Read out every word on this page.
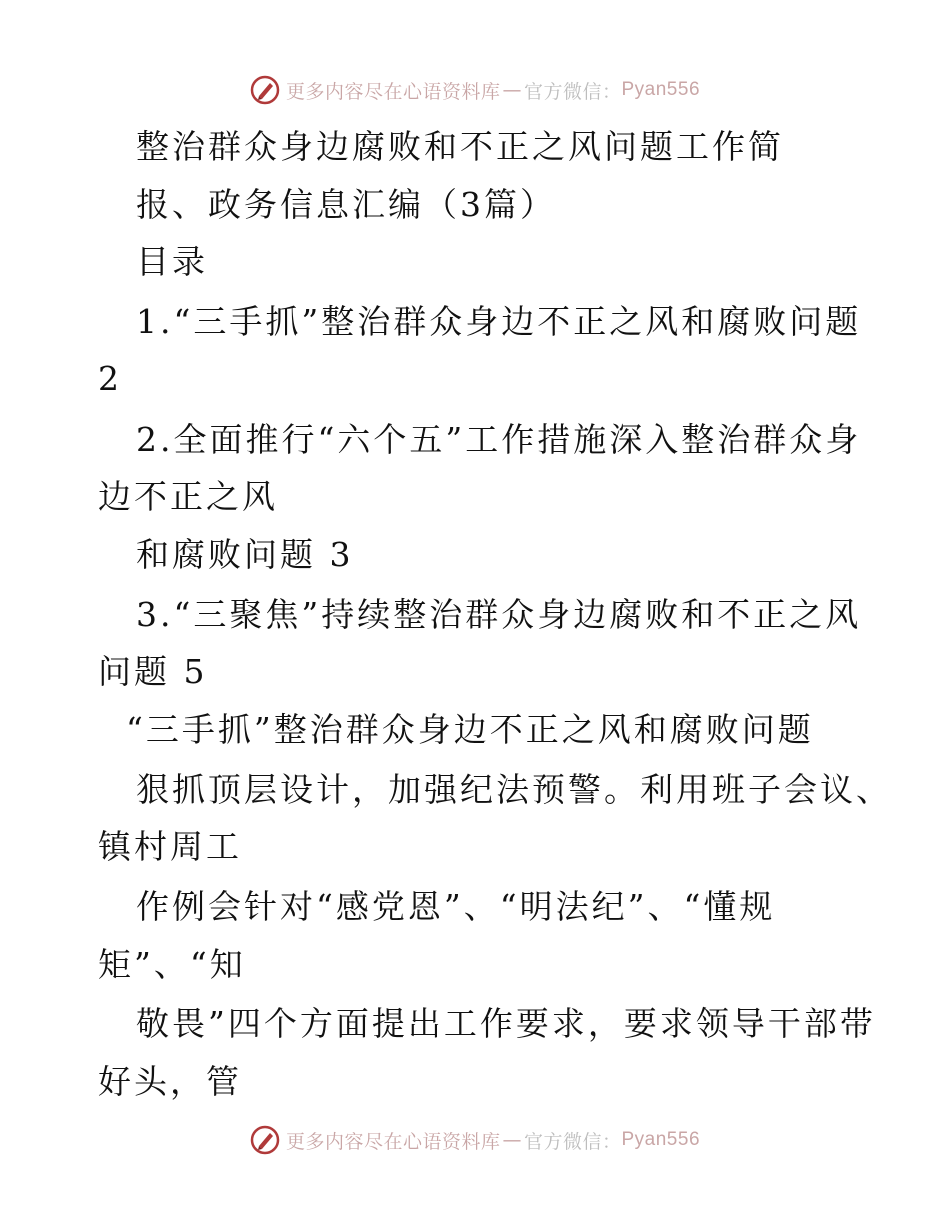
更多内容尽在心语资料库 — 官方微信： Pyan556
整治群众身边腐败和不正之风问题工作简
报、政务信息汇编（3篇）
目录
1.“三手抓”整治群众身边不正之风和腐败问题
2
2.全面推行“六个五”工作措施深入整治群众身
边不正之风
和腐败问题 3
3.“三聚焦”持续整治群众身边腐败和不正之风
问题 5
“三手抓”整治群众身边不正之风和腐败问题
狠抓顶层设计，加强纪法预警。利用班子会议、
镇村周工
作例会针对“感党恩”、“明法纪”、“懂规
矩”、“知
敬畏”四个方面提出工作要求，要求领导干部带
好头，管
更多内容尽在心语资料库 — 官方微信： Pyan556
